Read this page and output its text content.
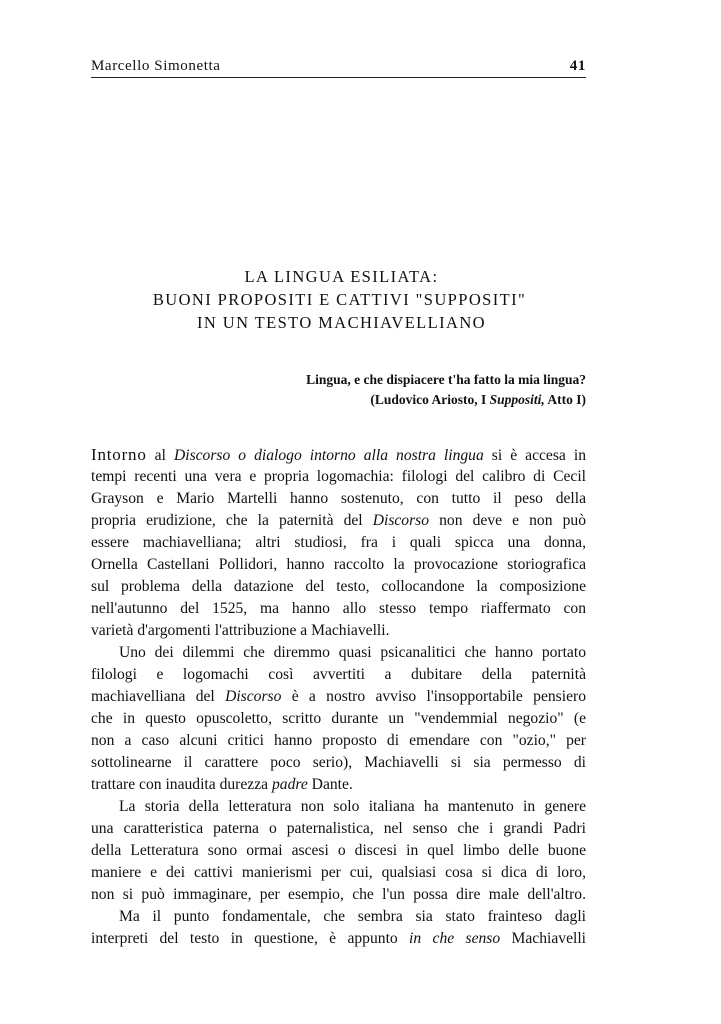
Marcello Simonetta	41
LA LINGUA ESILIATA:
BUONI PROPOSITI E CATTIVI "SUPPOSITI"
IN UN TESTO MACHIAVELLIANO
Lingua, e che dispiacere t'ha fatto la mia lingua?
(Ludovico Ariosto, I Suppositi, Atto I)
Intorno al Discorso o dialogo intorno alla nostra lingua si è accesa in
tempi recenti una vera e propria logomachia: filologi del calibro di Cecil
Grayson e Mario Martelli hanno sostenuto, con tutto il peso della
propria erudizione, che la paternità del Discorso non deve e non può
essere machiavelliana; altri studiosi, fra i quali spicca una donna,
Ornella Castellani Pollidori, hanno raccolto la provocazione storiografica
sul problema della datazione del testo, collocandone la composizione
nell'autunno del 1525, ma hanno allo stesso tempo riaffermato con
varietà d'argomenti l'attribuzione a Machiavelli.
Uno dei dilemmi che diremmo quasi psicanalitici che hanno portato
filologi e logomachi così avvertiti a dubitare della paternità
machiavelliana del Discorso è a nostro avviso l'insopportabile pensiero
che in questo opuscoletto, scritto durante un "vendemmial negozio" (e
non a caso alcuni critici hanno proposto di emendare con "ozio," per
sottolinearne il carattere poco serio), Machiavelli si sia permesso di
trattare con inaudita durezza padre Dante.
La storia della letteratura non solo italiana ha mantenuto in genere
una caratteristica paterna o paternalistica, nel senso che i grandi Padri
della Letteratura sono ormai ascesi o discesi in quel limbo delle buone
maniere e dei cattivi manierismi per cui, qualsiasi cosa si dica di loro,
non si può immaginare, per esempio, che l'un possa dire male dell'altro.
Ma il punto fondamentale, che sembra sia stato frainteso dagli
interpreti del testo in questione, è appunto in che senso Machiavelli
